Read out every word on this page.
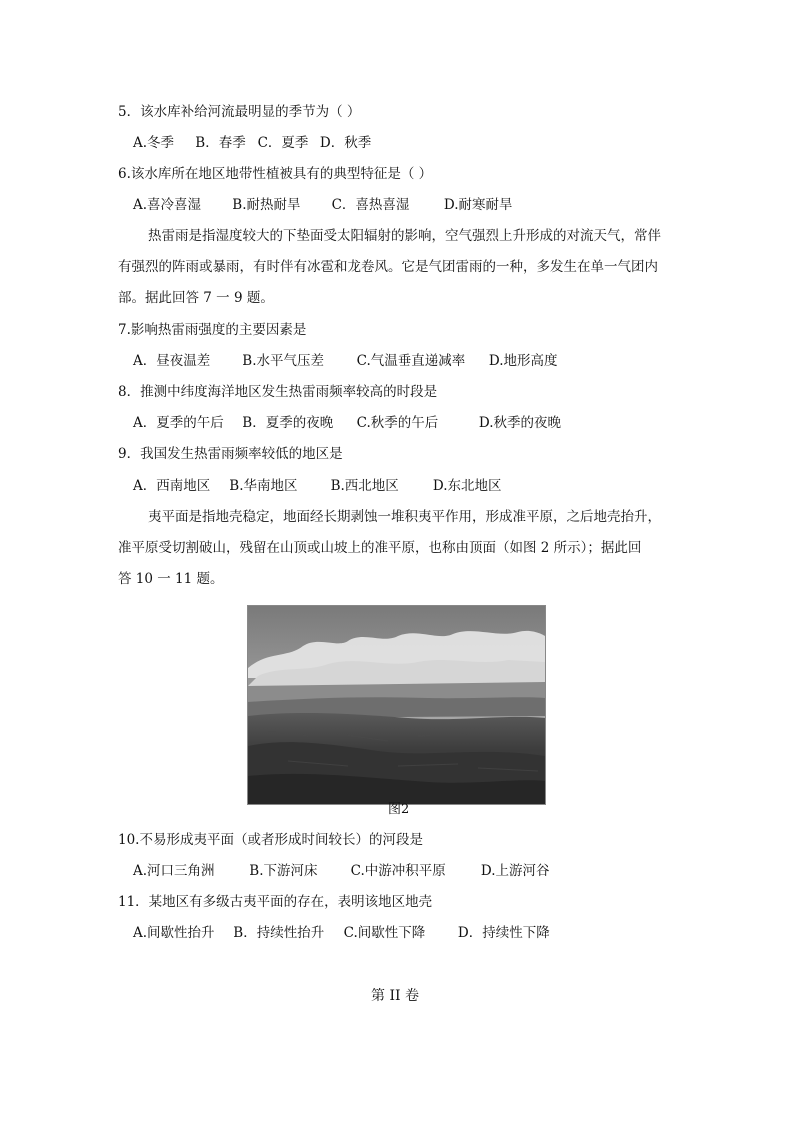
5．该水库补给河流最明显的季节为（ ）
A.冬季 B．春季 C．夏季 D．秋季
6.该水库所在地区地带性植被具有的典型特征是（ ）
A.喜冷喜湿 B.耐热耐旱 C．喜热喜湿	D.耐寒耐旱
热雷雨是指湿度较大的下垫面受太阳辐射的影响，空气强烈上升形成的对流天气，常伴
有强烈的阵雨或暴雨，有时伴有冰雹和龙卷风。它是气团雷雨的一种，多发生在单一气团内
部。据此回答 7 一 9 题。
7.影响热雷雨强度的主要因素是
A．昼夜温差 B.水平气压差 C.气温垂直递减率 D.地形高度
8．推测中纬度海洋地区发生热雷雨频率较高的时段是
A．夏季的午后 B．夏季的夜晚 C.秋季的午后	D.秋季的夜晚
9．我国发生热雷雨频率较低的地区是
A．西南地区 B.华南地区 B.西北地区	D.东北地区
夷平面是指地壳稳定，地面经长期剥蚀一堆积夷平作用，形成准平原，之后地壳抬升，
准平原受切割破山，残留在山顶或山坡上的准平原，也称由顶面（如图 2 所示）；据此回
答 10 一 11 题。
图2
10.不易形成夷平面（或者形成时间较长）的河段是
A.河口三角洲	B.下游河床 C.中游冲积平原	D.上游河谷
11．某地区有多级古夷平面的存在，表明该地区地壳
A.间歇性抬升 B．持续性抬升 C.间歇性下降 D．持续性下降
第 II 卷
